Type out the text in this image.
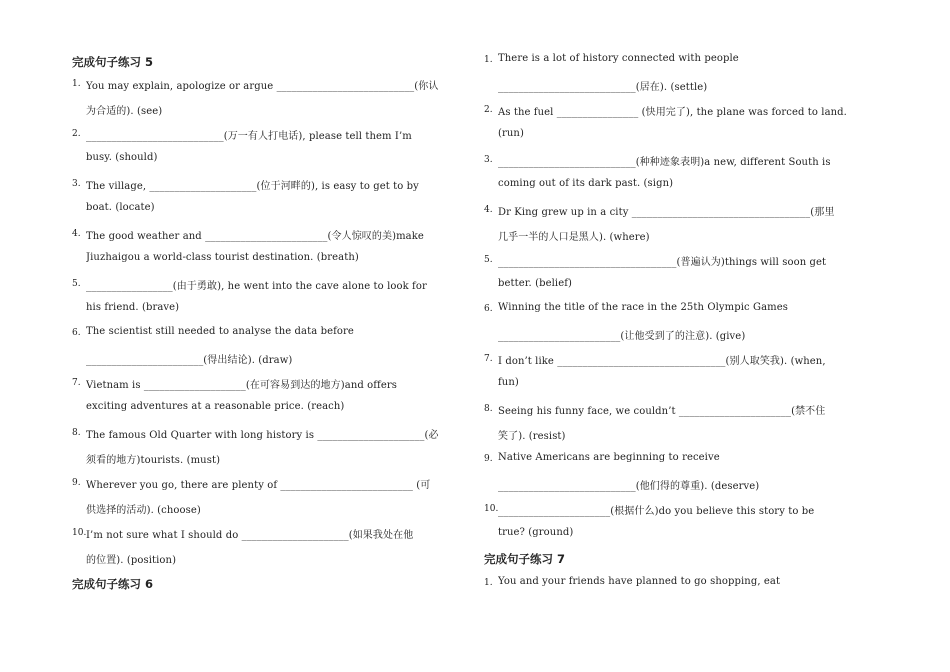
完成句子练习 5
1. You may explain, apologize or argue ___________________________(你认
为合适的). (see)
2. ___________________________(万一有人打电话), please tell them I’m
busy. (should)
3. The village, _____________________(位于河畔的), is easy to get to by
boat. (locate)
4. The good weather and ________________________(令人惊叹的美)make
Jiuzhaigou a world-class tourist destination. (breath)
5. _________________(由于勇敢), he went into the cave alone to look for
his friend. (brave)
6. The scientist still needed to analyse the data before
_______________________(得出结论). (draw)
7. Vietnam is ____________________(在可容易到达的地方)and offers
exciting adventures at a reasonable price. (reach)
8. The famous Old Quarter with long history is _____________________(必
须看的地方)tourists. (must)
9. Wherever you go, there are plenty of __________________________ (可
供选择的活动). (choose)
10. I’m not sure what I should do _____________________(如果我处在他
的位置). (position)
完成句子练习 6
1. There is a lot of history connected with people
___________________________(居在). (settle)
2. As the fuel ________________ (快用完了), the plane was forced to land.
(run)
3. ___________________________(种种迹象表明)a new, different South is
coming out of its dark past. (sign)
4. Dr King grew up in a city ___________________________________(那里
几乎一半的人口是黑人). (where)
5. ___________________________________(普遍认为)things will soon get
better. (belief)
6. Winning the title of the race in the 25th Olympic Games
________________________(让他受到了的注意). (give)
7. I don’t like _________________________________(别人取笑我). (when,
fun)
8. Seeing his funny face, we couldn’t ______________________(禁不住
笑了). (resist)
9. Native Americans are beginning to receive
___________________________(他们得的尊重). (deserve)
10. ______________________(根据什么)do you believe this story to be
true? (ground)
完成句子练习 7
1. You and your friends have planned to go shopping, eat
